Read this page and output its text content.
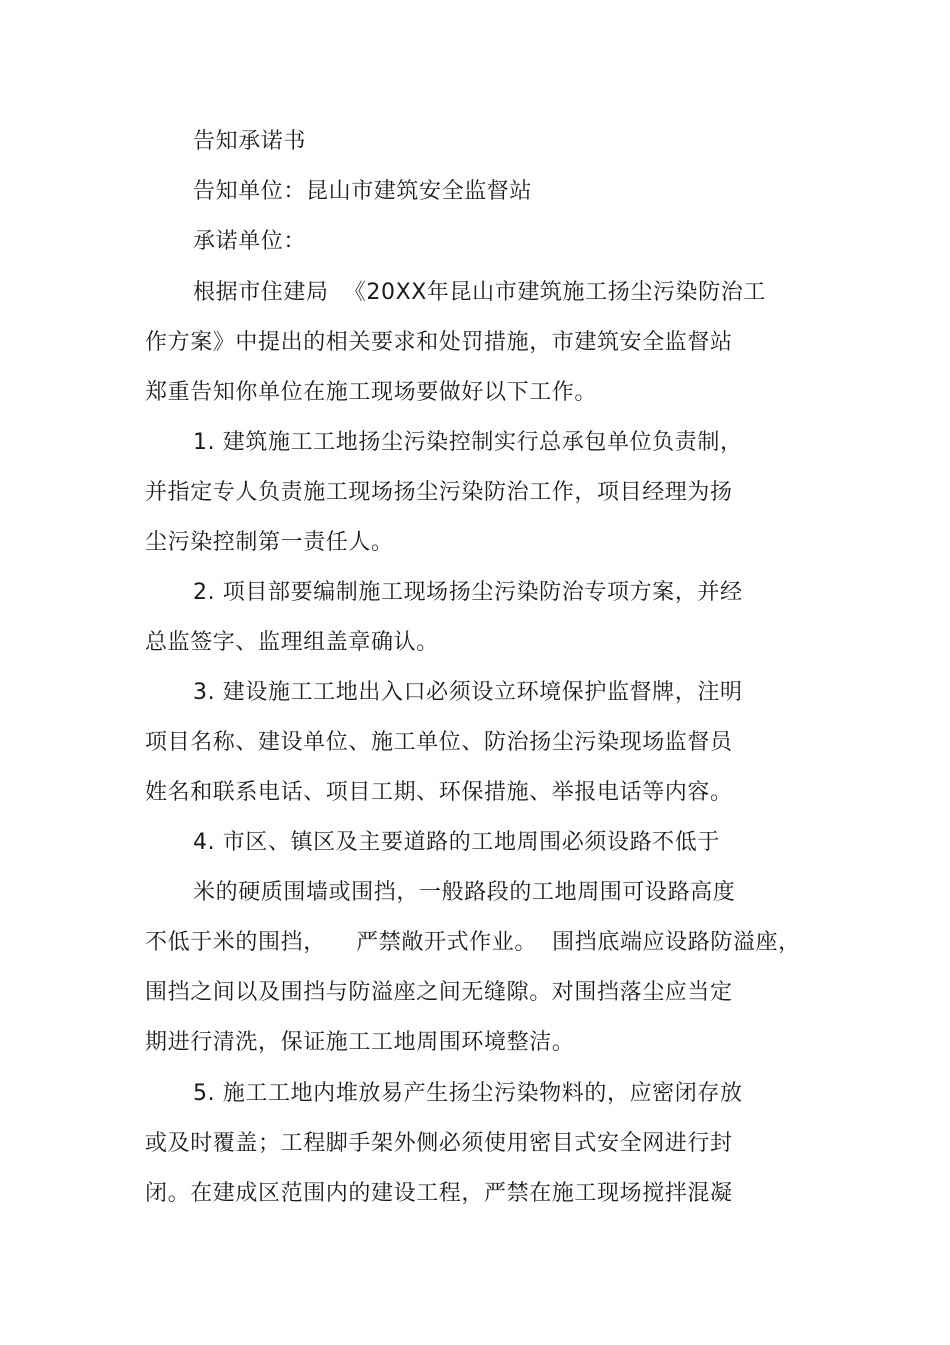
告知承诺书
告知单位：昆山市建筑安全监督站
承诺单位：
根据市住建局  《20XX年昆山市建筑施工扬尘污染防治工
作方案》中提出的相关要求和处罚措施，市建筑安全监督站
郑重告知你单位在施工现场要做好以下工作。
1. 建筑施工工地扬尘污染控制实行总承包单位负责制，
并指定专人负责施工现场扬尘污染防治工作，项目经理为扬
尘污染控制第一责任人。
2. 项目部要编制施工现场扬尘污染防治专项方案，并经
总监签字、监理组盖章确认。
3. 建设施工工地出入口必须设立环境保护监督牌，注明
项目名称、建设单位、施工单位、防治扬尘污染现场监督员
姓名和联系电话、项目工期、环保措施、举报电话等内容。
4. 市区、镇区及主要道路的工地周围必须设路不低于
米的硬质围墙或围挡，一般路段的工地周围可设路高度
不低于米的围挡，    严禁敞开式作业。  围挡底端应设路防溢座，
围挡之间以及围挡与防溢座之间无缝隙。对围挡落尘应当定
期进行清洗，保证施工工地周围环境整洁。
5. 施工工地内堆放易产生扬尘污染物料的，应密闭存放
或及时覆盖；工程脚手架外侧必须使用密目式安全网进行封
闭。在建成区范围内的建设工程，严禁在施工现场搅拌混凝
